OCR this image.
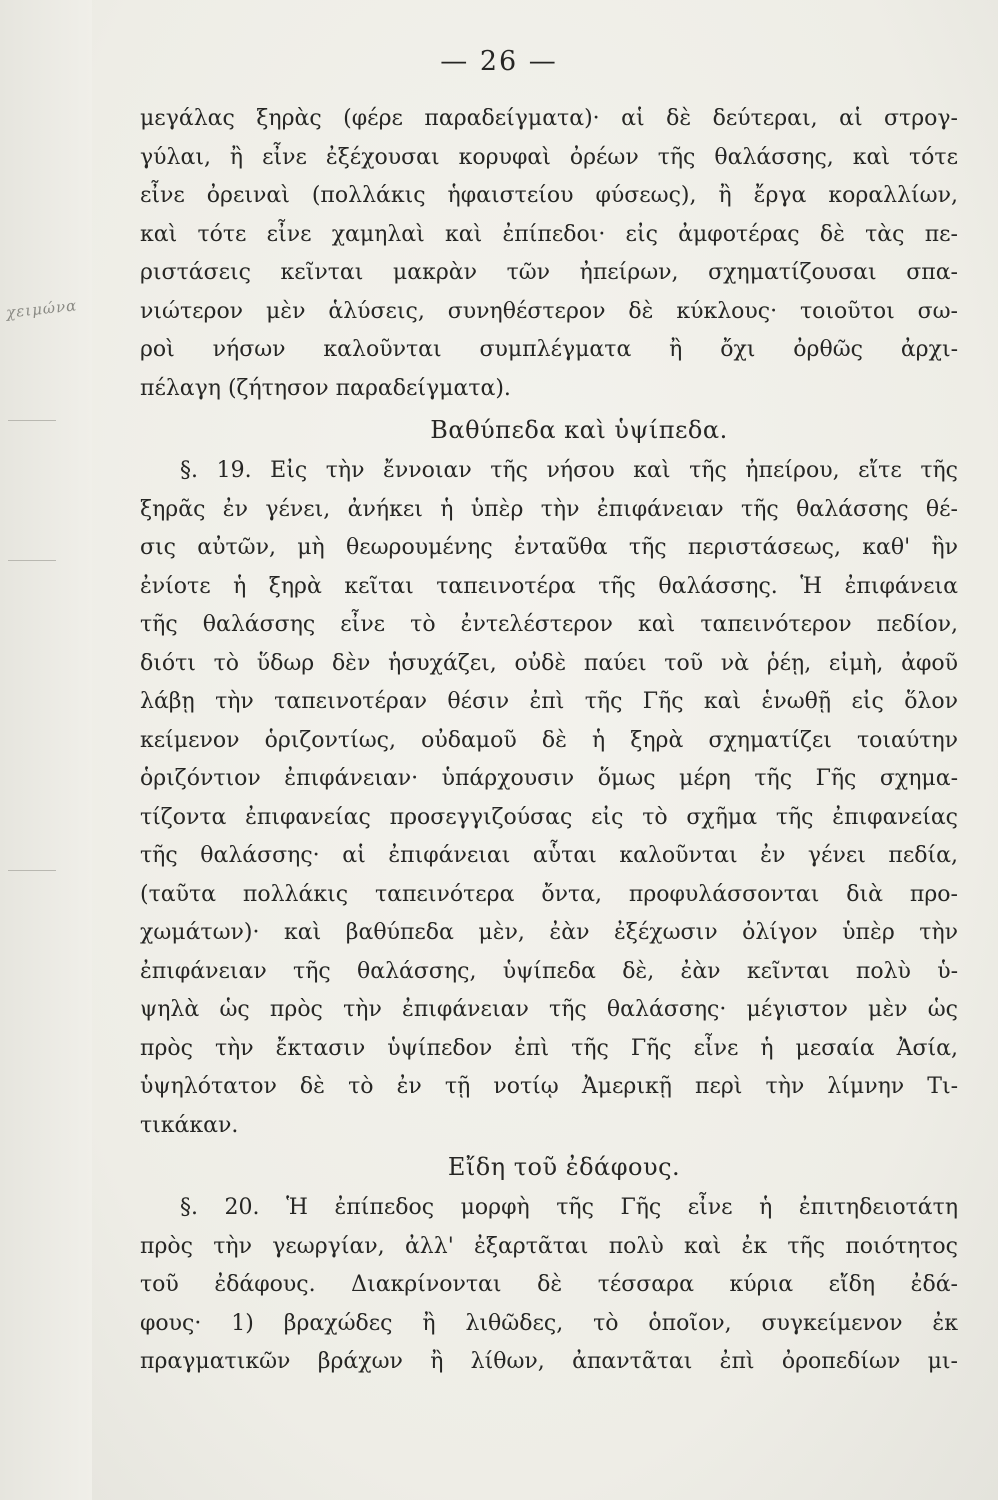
χειμώνα
— 26 —
μεγάλας ξηρὰς (φέρε παραδείγματα)· αἱ δὲ δεύτεραι, αἱ στρογ-
γύλαι, ἢ εἶνε ἐξέχουσαι κορυφαὶ ὀρέων τῆς θαλάσσης, καὶ τότε
εἶνε ὀρειναὶ (πολλάκις ἡφαιστείου φύσεως), ἢ ἔργα κοραλλίων,
καὶ τότε εἶνε χαμηλαὶ καὶ ἐπίπεδοι· εἰς ἀμφοτέρας δὲ τὰς πε-
ριστάσεις κεῖνται μακρὰν τῶν ἠπείρων, σχηματίζουσαι σπα-
νιώτερον μὲν ἁλύσεις, συνηθέστερον δὲ κύκλους· τοιοῦτοι σω-
ροὶ νήσων καλοῦνται συμπλέγματα ἢ ὄχι ὀρθῶς ἀρχι-
πέλαγη (ζήτησον παραδείγματα).
Βαθύπεδα καὶ ὑψίπεδα.
§. 19. Εἰς τὴν ἔννοιαν τῆς νήσου καὶ τῆς ἠπείρου, εἴτε τῆς
ξηρᾶς ἐν γένει, ἀνήκει ἡ ὑπὲρ τὴν ἐπιφάνειαν τῆς θαλάσσης θέ-
σις αὐτῶν, μὴ θεωρουμένης ἐνταῦθα τῆς περιστάσεως, καθ' ἣν
ἐνίοτε ἡ ξηρὰ κεῖται ταπεινοτέρα τῆς θαλάσσης. Ἡ ἐπιφάνεια
τῆς θαλάσσης εἶνε τὸ ἐντελέστερον καὶ ταπεινότερον πεδίον,
διότι τὸ ὕδωρ δὲν ἡσυχάζει, οὐδὲ παύει τοῦ νὰ ῥέῃ, εἰμὴ, ἀφοῦ
λάβῃ τὴν ταπεινοτέραν θέσιν ἐπὶ τῆς Γῆς καὶ ἑνωθῇ εἰς ὅλον
κείμενον ὁριζοντίως, οὐδαμοῦ δὲ ἡ ξηρὰ σχηματίζει τοιαύτην
ὁριζόντιον ἐπιφάνειαν· ὑπάρχουσιν ὅμως μέρη τῆς Γῆς σχημα-
τίζοντα ἐπιφανείας προσεγγιζούσας εἰς τὸ σχῆμα τῆς ἐπιφανείας
τῆς θαλάσσης· αἱ ἐπιφάνειαι αὗται καλοῦνται ἐν γένει πεδία,
(ταῦτα πολλάκις ταπεινότερα ὄντα, προφυλάσσονται διὰ προ-
χωμάτων)· καὶ βαθύπεδα μὲν, ἐὰν ἐξέχωσιν ὀλίγον ὑπὲρ τὴν
ἐπιφάνειαν τῆς θαλάσσης, ὑψίπεδα δὲ, ἐὰν κεῖνται πολὺ ὑ-
ψηλὰ ὡς πρὸς τὴν ἐπιφάνειαν τῆς θαλάσσης· μέγιστον μὲν ὡς
πρὸς τὴν ἔκτασιν ὑψίπεδον ἐπὶ τῆς Γῆς εἶνε ἡ μεσαία Ἀσία,
ὑψηλότατον δὲ τὸ ἐν τῇ νοτίῳ Ἀμερικῇ περὶ τὴν λίμνην Τι-
τικάκαν.
Εἴδη τοῦ ἐδάφους.
§. 20. Ἡ ἐπίπεδος μορφὴ τῆς Γῆς εἶνε ἡ ἐπιτηδειοτάτη
πρὸς τὴν γεωργίαν, ἀλλ' ἐξαρτᾶται πολὺ καὶ ἐκ τῆς ποιότητος
τοῦ ἐδάφους. Διακρίνονται δὲ τέσσαρα κύρια εἴδη ἐδά-
φους· 1) βραχώδες ἢ λιθῶδες, τὸ ὁποῖον, συγκείμενον ἐκ
πραγματικῶν βράχων ἢ λίθων, ἀπαντᾶται ἐπὶ ὀροπεδίων μι-
